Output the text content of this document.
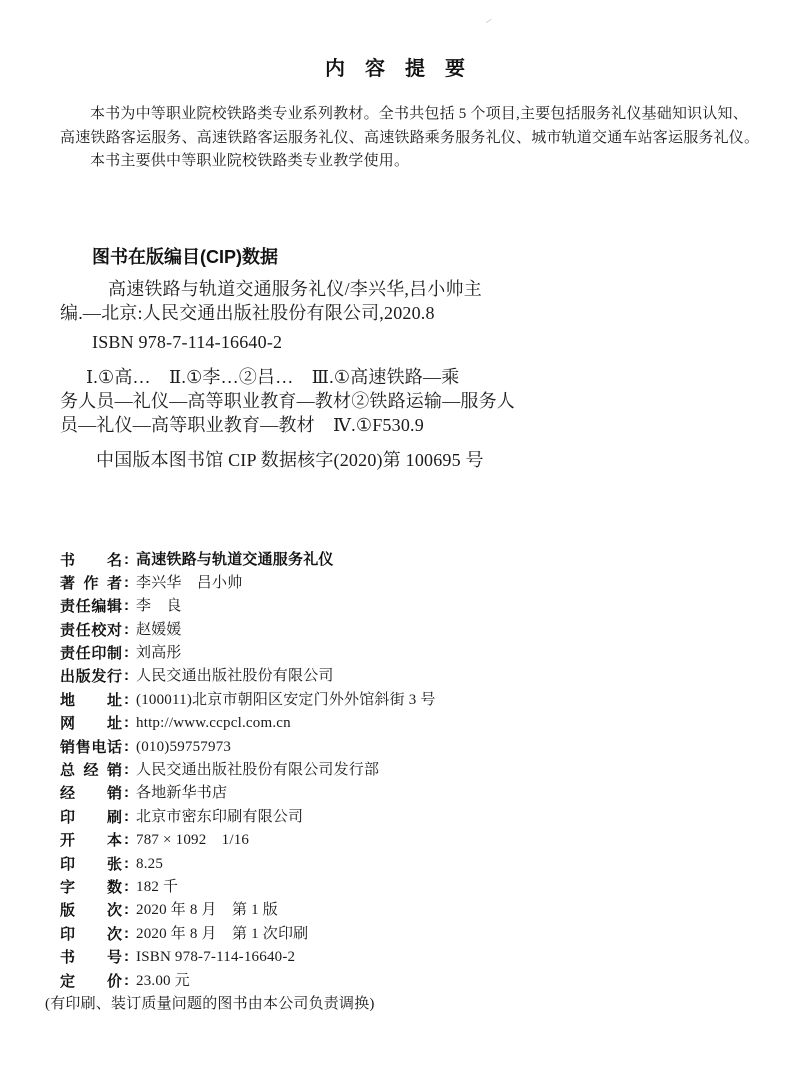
内　容　提　要
本书为中等职业院校铁路类专业系列教材。全书共包括 5 个项目,主要包括服务礼仪基础知识认知、
高速铁路客运服务、高速铁路客运服务礼仪、高速铁路乘务服务礼仪、城市轨道交通车站客运服务礼仪。
本书主要供中等职业院校铁路类专业教学使用。
图书在版编目(CIP)数据
高速铁路与轨道交通服务礼仪/李兴华,吕小帅主
编.—北京:人民交通出版社股份有限公司,2020.8
ISBN 978-7-114-16640-2
Ⅰ.①高…　Ⅱ.①李…②吕…　Ⅲ.①高速铁路—乘
务人员—礼仪—高等职业教育—教材②铁路运输—服务人
员—礼仪—高等职业教育—教材　Ⅳ.①F530.9
中国版本图书馆 CIP 数据核字(2020)第 100695 号
书名 : 高速铁路与轨道交通服务礼仪
著作者 : 李兴华　吕小帅
责任编辑 : 李　良
责任校对 : 赵媛媛
责任印制 : 刘高彤
出版发行 : 人民交通出版社股份有限公司
地址 : (100011)北京市朝阳区安定门外外馆斜街 3 号
网址 : http://www.ccpcl.com.cn
销售电话 : (010)59757973
总经销 : 人民交通出版社股份有限公司发行部
经销 : 各地新华书店
印刷 : 北京市密东印刷有限公司
开本 : 787 × 1092　1/16
印张 : 8.25
字数 : 182 千
版次 : 2020 年 8 月　第 1 版
印次 : 2020 年 8 月　第 1 次印刷
书号 : ISBN 978-7-114-16640-2
定价 : 23.00 元
(有印刷、装订质量问题的图书由本公司负责调换)
